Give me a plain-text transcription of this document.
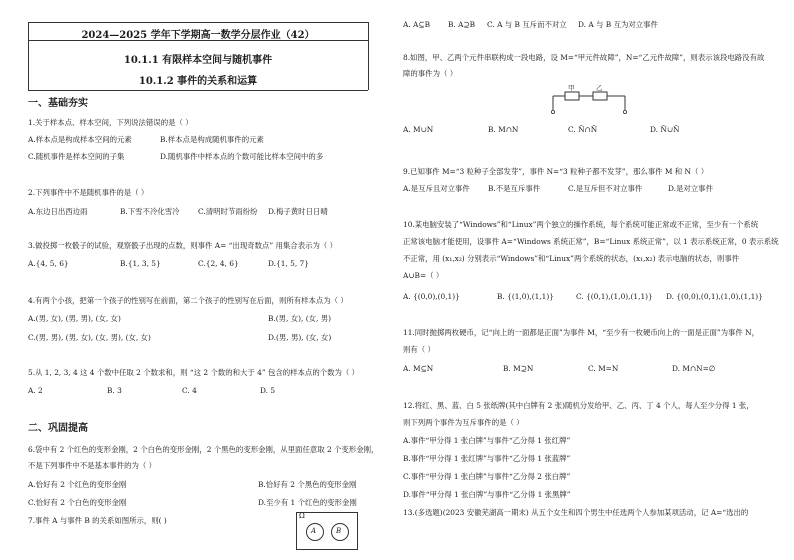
2024—2025 学年下学期高一数学分层作业（42）
10.1.1 有限样本空间与随机事件
10.1.2 事件的关系和运算
一、基础夯实
1.关于样本点、样本空间，下列说法错误的是（ ）
A.样本点是构成样本空间的元素	B.样本点是构成随机事件的元素
C.随机事件是样本空间的子集	D.随机事件中样本点的个数可能比样本空间中的多
2.下列事件中不是随机事件的是（ ）
A.东边日出西边雨	B.下雪不冷化雪冷 C.清明时节雨纷纷 D.梅子黄时日日晴
3.做投掷一枚骰子的试验，观察骰子出现的点数，则事件 A= “出现奇数点” 用集合表示为（ ）
A.{4, 5, 6}	B.{1, 3, 5}	C.{2, 4, 6}	D.{1, 5, 7}
4.有两个小孩，把第一个孩子的性别写在前面，第二个孩子的性别写在后面，则所有样本点为（ ）
A.(男, 女), (男, 男), (女, 女)	B.(男, 女), (女, 男)
C.(男, 男), (男, 女), (女, 男), (女, 女)	D.(男, 男), (女, 女)
5.从 1, 2, 3, 4 这 4 个数中任取 2 个数求和，则 “这 2 个数的和大于 4” 包含的样本点的个数为（ ）
A. 2	B. 3	C. 4	D. 5
二、巩固提高
6.袋中有 2 个红色的变形金刚，2 个白色的变形金刚，2 个黑色的变形金刚，从里面任意取 2 个变形金刚，
不是下列事件中不是基本事件的为（ ）
A.恰好有 2 个红色的变形金刚	B.恰好有 2 个黑色的变形金刚
C.恰好有 2 个白色的变形金刚	D.至少有 1 个红色的变形金刚
7.事件 A 与事件 B 的关系如图所示，则( )	Ω
A	B
A. A⊆B B. A⊇B C. A 与 B 互斥而不对立 D. A 与 B 互为对立事件
8.如图，甲、乙两个元件串联构成一段电路，设 M=“甲元件故障”，N=“乙元件故障”，则表示该段电路没有故
障的事件为（ ）
甲	乙
A. M∪N	B. M∩N	C. N̄∩N̄	D. N̄∪N̄
9.已知事件 M=“3 粒种子全部发芽”，事件 N=“3 粒种子都不发芽”，那么事件 M 和 N（ ）
A.是互斥且对立事件 B.不是互斥事件	C.是互斥但不对立事件	D.是对立事件
10.某电脑安装了“Windows”和“Linux”两个独立的操作系统，每个系统可能正常或不正常，至少有一个系统
正常该电脑才能使用，设事件 A=“Windows 系统正常”，B=“Linux 系统正常”，以 1 表示系统正常，0 表示系统
不正常，用 (x₁,x₂) 分别表示“Windows”和“Linux”两个系统的状态，(x₁,x₂) 表示电脑的状态，则事件
A∪B=（ ）
A. {(0,0),(0,1)}	B. {(1,0),(1,1)}	C. {(0,1),(1,0),(1,1)} D. {(0,0),(0,1),(1,0),(1,1)}
11.同时抛掷两枚硬币，记“向上的一面都是正面”为事件 M，“至少有一枚硬币向上的一面是正面”为事件 N，
则有（ ）
A. M⊆N	B. M⊇N	C. M=N	D. M∩N=∅
12.将红、黑、蓝、白 5 张纸牌(其中白牌有 2 张)随机分发给甲、乙、丙、丁 4 个人，每人至少分得 1 张，
则下列两个事件为互斥事件的是（ ）
A.事件“甲分得 1 张白牌”与事件“乙分得 1 张红牌”
B.事件“甲分得 1 张红牌”与事件“乙分得 1 张蓝牌”
C.事件“甲分得 1 张白牌”与事件“乙分得 2 张白牌”
D.事件“甲分得 1 张白牌”与事件“乙分得 1 张黑牌”
13.(多选题)(2023 安徽芜湖高一期末) 从五个女生和四个男生中任选两个人参加某项活动，记 A=“选出的
